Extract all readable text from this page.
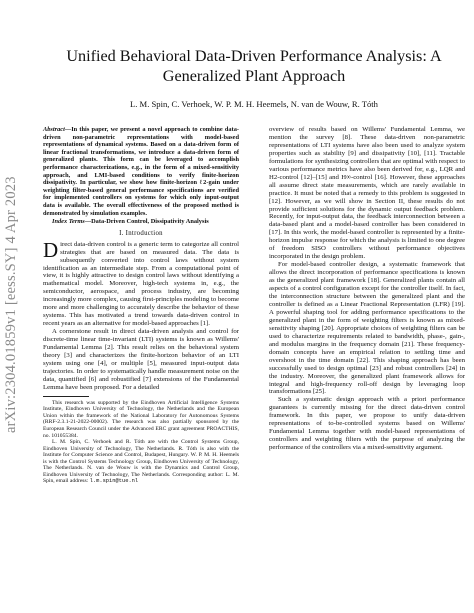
arXiv:2304.01859v1 [eess.SY] 4 Apr 2023
Unified Behavioral Data-Driven Performance Analysis: A Generalized Plant Approach
L. M. Spin, C. Verhoek, W. P. M. H. Heemels, N. van de Wouw, R. Tóth

Abstract—In this paper, we present a novel approach to combine data-driven non-parametric representations with model-based representations of dynamical systems. Based on a data-driven form of linear fractional transformations, we introduce a data-driven form of generalized plants. This form can be leveraged to accomplish performance characterizations, e.g., in the form of a mixed-sensitivity approach, and LMI-based conditions to verify finite-horizon dissipativity. In particular, we show how finite-horizon ℓ2-gain under weighting filter-based general performance specifications are verified for implemented controllers on systems for which only input-output data is available. The overall effectiveness of the proposed method is demonstrated by simulation examples.

Index Terms—Data-Driven Control, Dissipativity Analysis

I. Introduction

Direct data-driven control is a generic term to categorize all control strategies that are based on measured data. The data is subsequently converted into control laws without system identification as an intermediate step. From a computational point of view, it is highly attractive to design control laws without identifying a mathematical model. Moreover, high-tech systems in, e.g., the semiconductor, aerospace, and process industry, are becoming increasingly more complex, causing first-principles modeling to become more and more challenging to accurately describe the behavior of these systems. This has motivated a trend towards data-driven control in recent years as an alternative for model-based approaches [1].

A cornerstone result in direct data-driven analysis and control for discrete-time linear time-invariant (LTI) systems is known as Willems' Fundamental Lemma [2]. This result relies on the behavioral system theory [3] and characterizes the finite-horizon behavior of an LTI system using one [4], or multiple [5], measured input-output data trajectories. In order to systematically handle measurement noise on the data, quantified [6] and robustified [7] extensions of the Fundamental Lemma have been proposed. For a detailed

This research was supported by the Eindhoven Artificial Intelligence Systems Institute, Eindhoven University of Technology, the Netherlands and the European Union within the framework of the National Laboratory for Autonomous Systems (RRF-2.3.1-21-2022-00002). The research was also partially sponsored by the European Research Council under the Advanced ERC grant agreement PROACTHIS, no. 101055384.

L. M. Spin, C. Verhoek and R. Tóth are with the Control Systems Group, Eindhoven University of Technology, The Netherlands. R. Tóth is also with the Institute for Computer Science and Control, Budapest, Hungary. W. P. M. H. Heemels is with the Control Systems Technology Group, Eindhoven University of Technology, The Netherlands. N. van de Wouw is with the Dynamics and Control Group, Eindhoven University of Technology, The Netherlands. Corresponding author: L. M. Spin, email address: l.m.spin@tue.nl

overview of results based on Willems' Fundamental Lemma, we mention the survey [8]. These data-driven non-parametric representations of LTI systems have also been used to analyze system properties such as stability [9] and dissipativity [10], [11]. Tractable formulations for synthesizing controllers that are optimal with respect to various performance metrics have also been derived for, e.g., LQR and H2-control [12]–[15] and H∞-control [16]. However, these approaches all assume direct state measurements, which are rarely available in practice. It must be noted that a remedy to this problem is suggested in [12]. However, as we will show in Section II, these results do not provide sufficient solutions for the dynamic output feedback problem. Recently, for input-output data, the feedback interconnection between a data-based plant and a model-based controller has been considered in [17]. In this work, the model-based controller is represented by a finite-horizon impulse response for which the analysis is limited to one degree of freedom SISO controllers without performance objectives incorporated in the design problem.

For model-based controller design, a systematic framework that allows the direct incorporation of performance specifications is known as the generalized plant framework [18]. Generalized plants contain all aspects of a control configuration except for the controller itself. In fact, the interconnection structure between the generalized plant and the controller is defined as a Linear Fractional Representation (LFR) [19]. A powerful shaping tool for adding performance specifications to the generalized plant in the form of weighting filters is known as mixed-sensitivity shaping [20]. Appropriate choices of weighting filters can be used to characterize requirements related to bandwidth, phase-, gain-, and modulus margins in the frequency domain [21]. These frequency-domain concepts have an empirical relation to settling time and overshoot in the time domain [22]. This shaping approach has been successfully used to design optimal [23] and robust controllers [24] in the industry. Moreover, the generalized plant framework allows for integral and high-frequency roll-off design by leveraging loop transformations [25].

Such a systematic design approach with a priori performance guarantees is currently missing for the direct data-driven control framework. In this paper, we propose to unify data-driven representations of to-be-controlled systems based on Willems' Fundamental Lemma together with model-based representations of controllers and weighting filters with the purpose of analyzing the performance of the controllers via a mixed-sensitivity argument.
